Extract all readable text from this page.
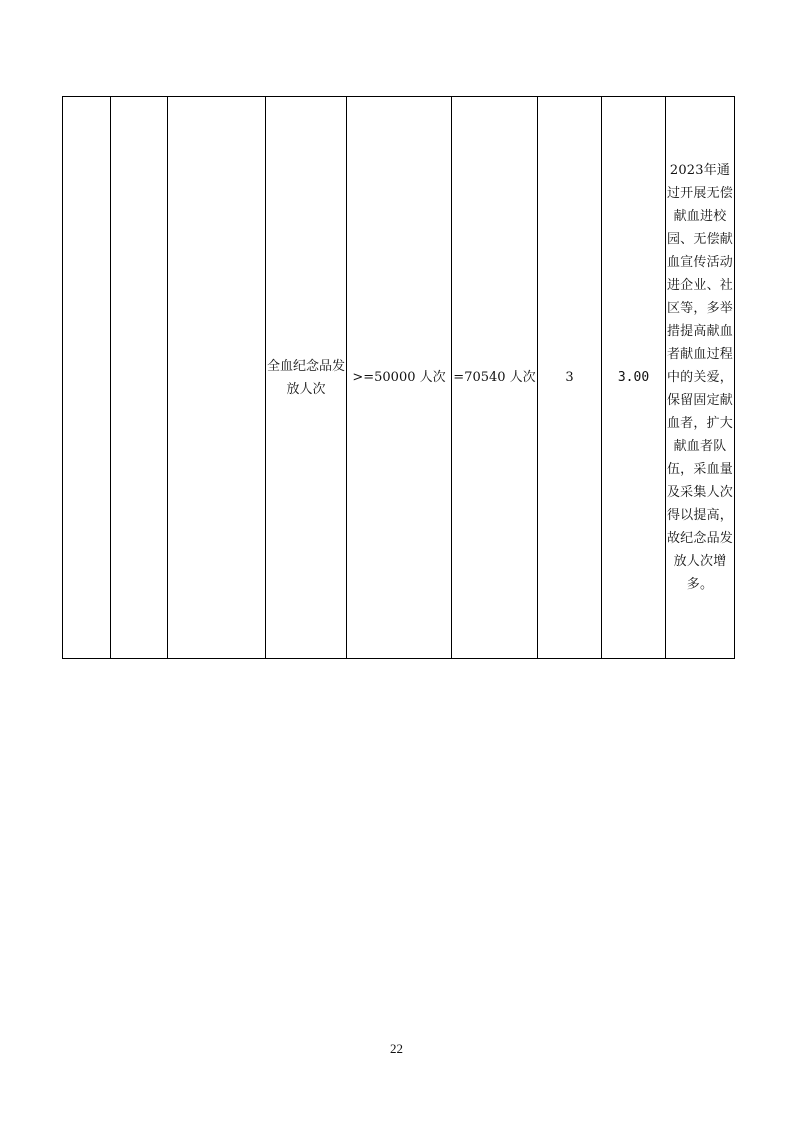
			全血纪念品发放人次	>=50000 人次	=70540 人次	3	3.00	2023年通过开展无偿献血进校园、无偿献血宣传活动进企业、社区等，多举措提高献血者献血过程中的关爱，保留固定献血者，扩大献血者队伍，采血量及采集人次得以提高，故纪念品发放人次增多。
22
